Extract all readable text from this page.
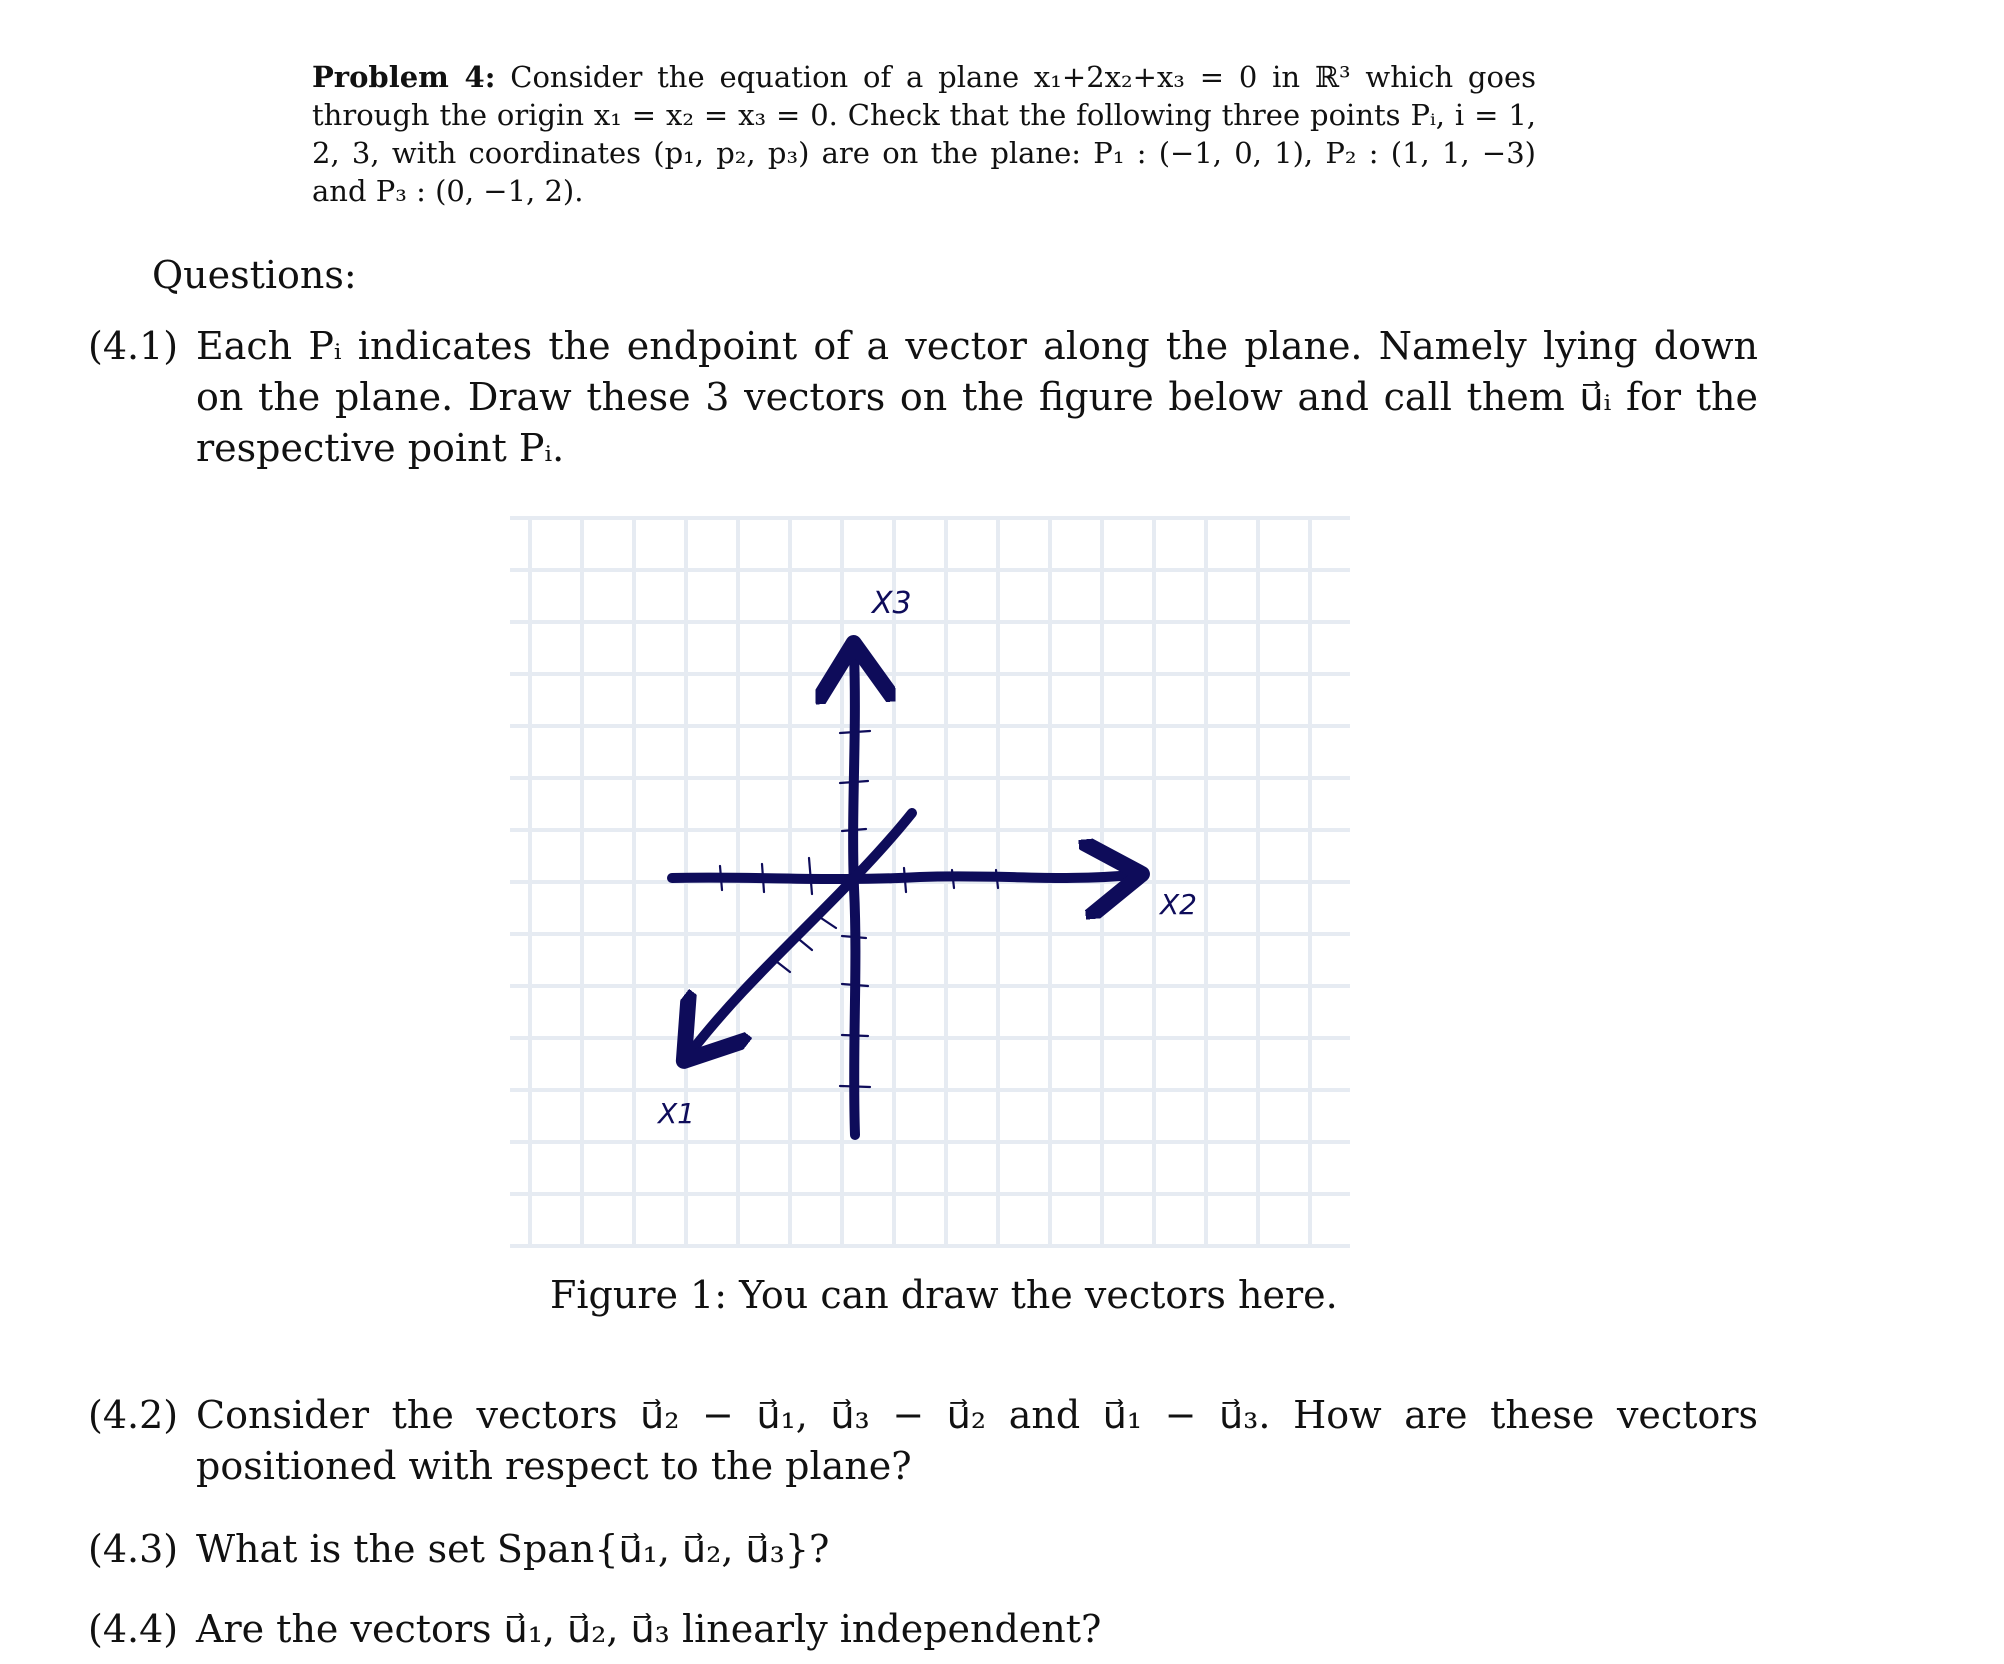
Problem 4: Consider the equation of a plane x₁+2x₂+x₃ = 0 in ℝ³ which goes through the origin x₁ = x₂ = x₃ = 0. Check that the following three points Pᵢ, i = 1, 2, 3, with coordinates (p₁, p₂, p₃) are on the plane: P₁ : (−1, 0, 1), P₂ : (1, 1, −3) and P₃ : (0, −1, 2).
Questions:
(4.1) Each Pᵢ indicates the endpoint of a vector along the plane. Namely lying down on the plane. Draw these 3 vectors on the figure below and call them u⃗ᵢ for the respective point Pᵢ.
X3
X2
X1
Figure 1: You can draw the vectors here.
(4.2) Consider the vectors u⃗₂ − u⃗₁, u⃗₃ − u⃗₂ and u⃗₁ − u⃗₃. How are these vectors positioned with respect to the plane?
(4.3) What is the set Span{u⃗₁, u⃗₂, u⃗₃}?
(4.4) Are the vectors u⃗₁, u⃗₂, u⃗₃ linearly independent?
